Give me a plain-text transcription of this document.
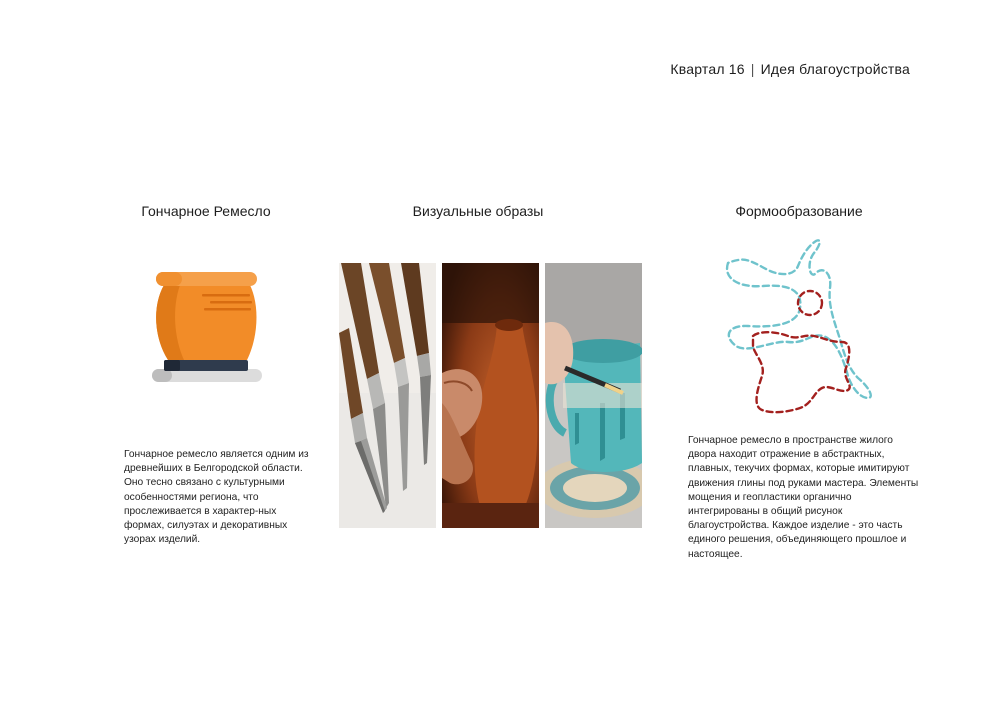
Квартал 16 | Идея благоустройства
Гончарное Ремесло
Гончарное ремесло является одним из древнейших в Белгородской области. Оно тесно связано с культурными особенностями региона, что прослеживается в характер-ных формах, силуэтах и декоративных узорах изделий.
Визуальные образы	Формообразование
Гончарное ремесло в пространстве жилого двора находит отражение в абстрактных, плавных, текучих формах, которые имитируют движения глины под руками мастера. Элементы мощения и геопластики органично интегрированы в общий рисунок благоустройства. Каждое изделие - это часть единого решения, объединяющего прошлое и настоящее.
